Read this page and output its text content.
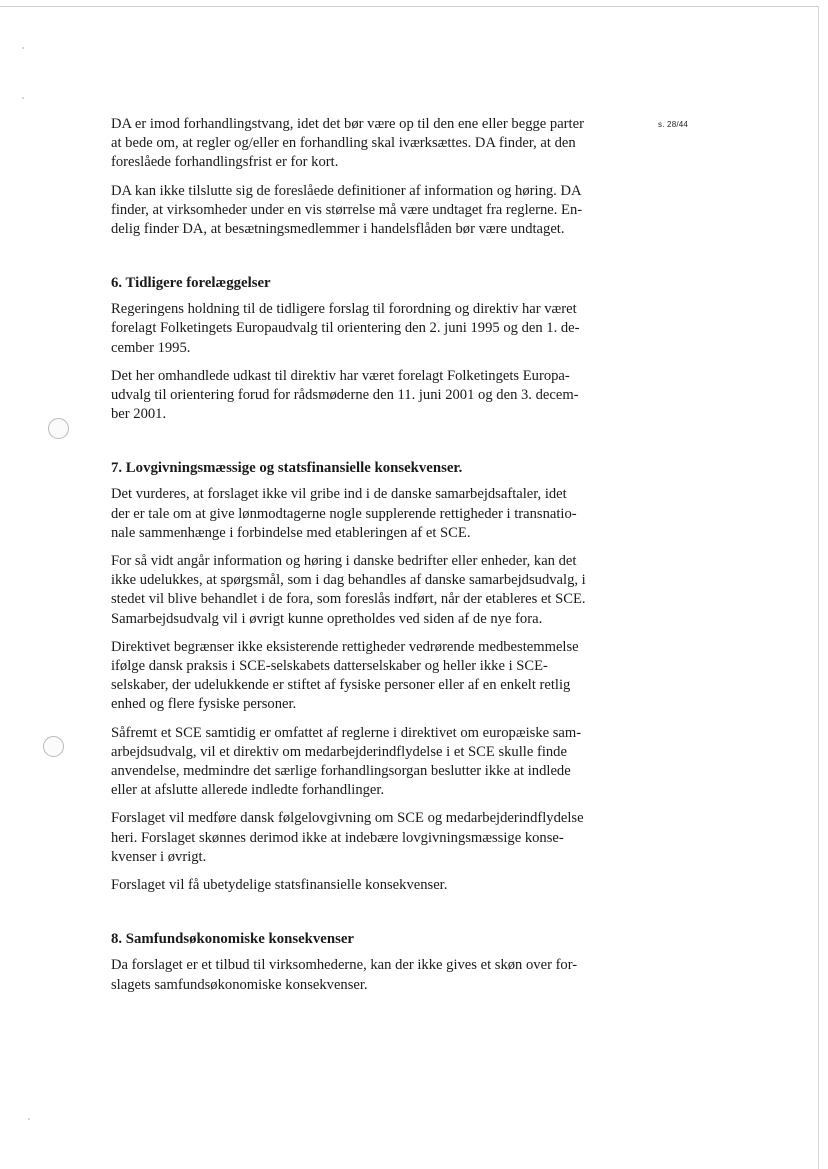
s. 28/44

DA er imod forhandlingstvang, idet det bør være op til den ene eller begge parter
at bede om, at regler og/eller en forhandling skal iværksættes. DA finder, at den
foreslåede forhandlingsfrist er for kort.

DA kan ikke tilslutte sig de foreslåede definitioner af information og høring. DA
finder, at virksomheder under en vis størrelse må være undtaget fra reglerne. En-
delig finder DA, at besætningsmedlemmer i handelsflåden bør være undtaget.

6. Tidligere forelæggelser

Regeringens holdning til de tidligere forslag til forordning og direktiv har været
forelagt Folketingets Europaudvalg til orientering den 2. juni 1995 og den 1. de-
cember 1995.

Det her omhandlede udkast til direktiv har været forelagt Folketingets Europa-
udvalg til orientering forud for rådsmøderne den 11. juni 2001 og den 3. decem-
ber 2001.

7. Lovgivningsmæssige og statsfinansielle konsekvenser.

Det vurderes, at forslaget ikke vil gribe ind i de danske samarbejdsaftaler, idet
der er tale om at give lønmodtagerne nogle supplerende rettigheder i transnatio-
nale sammenhænge i forbindelse med etableringen af et SCE.

For så vidt angår information og høring i danske bedrifter eller enheder, kan det
ikke udelukkes, at spørgsmål, som i dag behandles af danske samarbejdsudvalg, i
stedet vil blive behandlet i de fora, som foreslås indført, når der etableres et SCE.
Samarbejdsudvalg vil i øvrigt kunne opretholdes ved siden af de nye fora.

Direktivet begrænser ikke eksisterende rettigheder vedrørende medbestemmelse
ifølge dansk praksis i SCE-selskabets datterselskaber og heller ikke i SCE-
selskaber, der udelukkende er stiftet af fysiske personer eller af en enkelt retlig
enhed og flere fysiske personer.

Såfremt et SCE samtidig er omfattet af reglerne i direktivet om europæiske sam-
arbejdsudvalg, vil et direktiv om medarbejderindflydelse i et SCE skulle finde
anvendelse, medmindre det særlige forhandlingsorgan beslutter ikke at indlede
eller at afslutte allerede indledte forhandlinger.

Forslaget vil medføre dansk følgelovgivning om SCE og medarbejderindflydelse
heri. Forslaget skønnes derimod ikke at indebære lovgivningsmæssige konse-
kvenser i øvrigt.

Forslaget vil få ubetydelige statsfinansielle konsekvenser.

8. Samfundsøkonomiske konsekvenser

Da forslaget er et tilbud til virksomhederne, kan der ikke gives et skøn over for-
slagets samfundsøkonomiske konsekvenser.
